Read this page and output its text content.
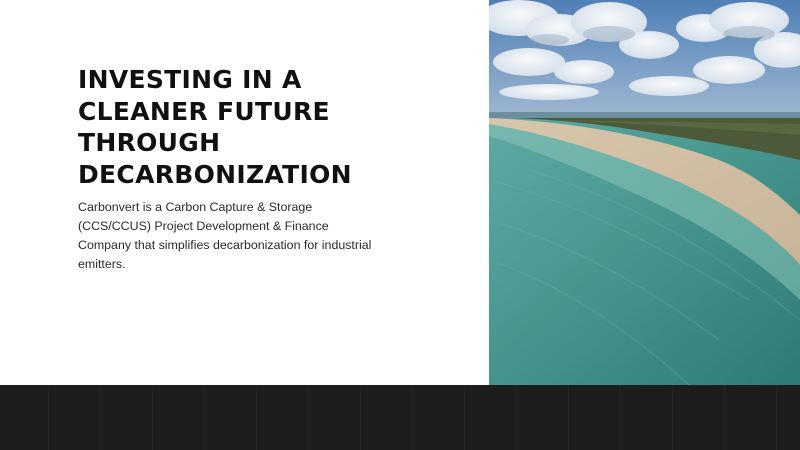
INVESTING IN A
CLEANER FUTURE
THROUGH
DECARBONIZATION

Carbonvert is a Carbon Capture & Storage (CCS/CCUS) Project Development & Finance Company that simplifies decarbonization for industrial emitters.
